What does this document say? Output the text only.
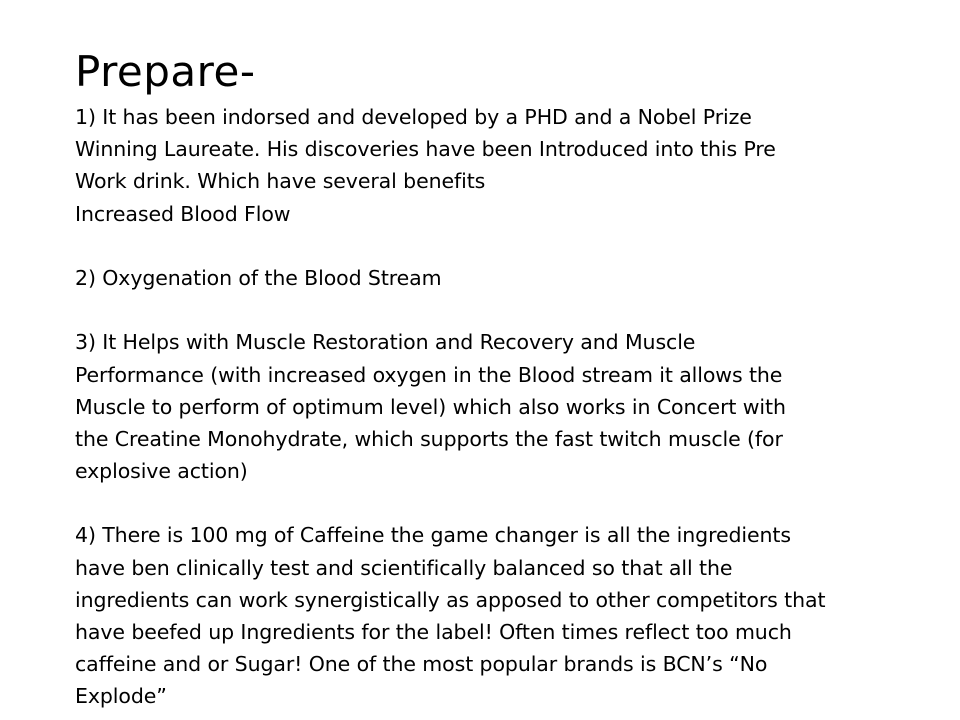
Prepare-
1) It has been indorsed and developed by a PHD and a Nobel Prize
Winning Laureate. His discoveries have been Introduced into this Pre
Work drink. Which have several benefits
Increased Blood Flow
2) Oxygenation of the Blood Stream
3) It Helps with Muscle Restoration and Recovery and Muscle
Performance (with increased oxygen in the Blood stream it allows the
Muscle to perform of optimum level) which also works in Concert with
the Creatine Monohydrate, which supports the fast twitch muscle (for
explosive action)
4) There is 100 mg of Caffeine the game changer is all the ingredients
have ben clinically test and scientifically balanced so that all the
ingredients can work synergistically as apposed to other competitors that
have beefed up Ingredients for the label! Often times reflect too much
caffeine and or Sugar! One of the most popular brands is BCN’s “No
Explode”
